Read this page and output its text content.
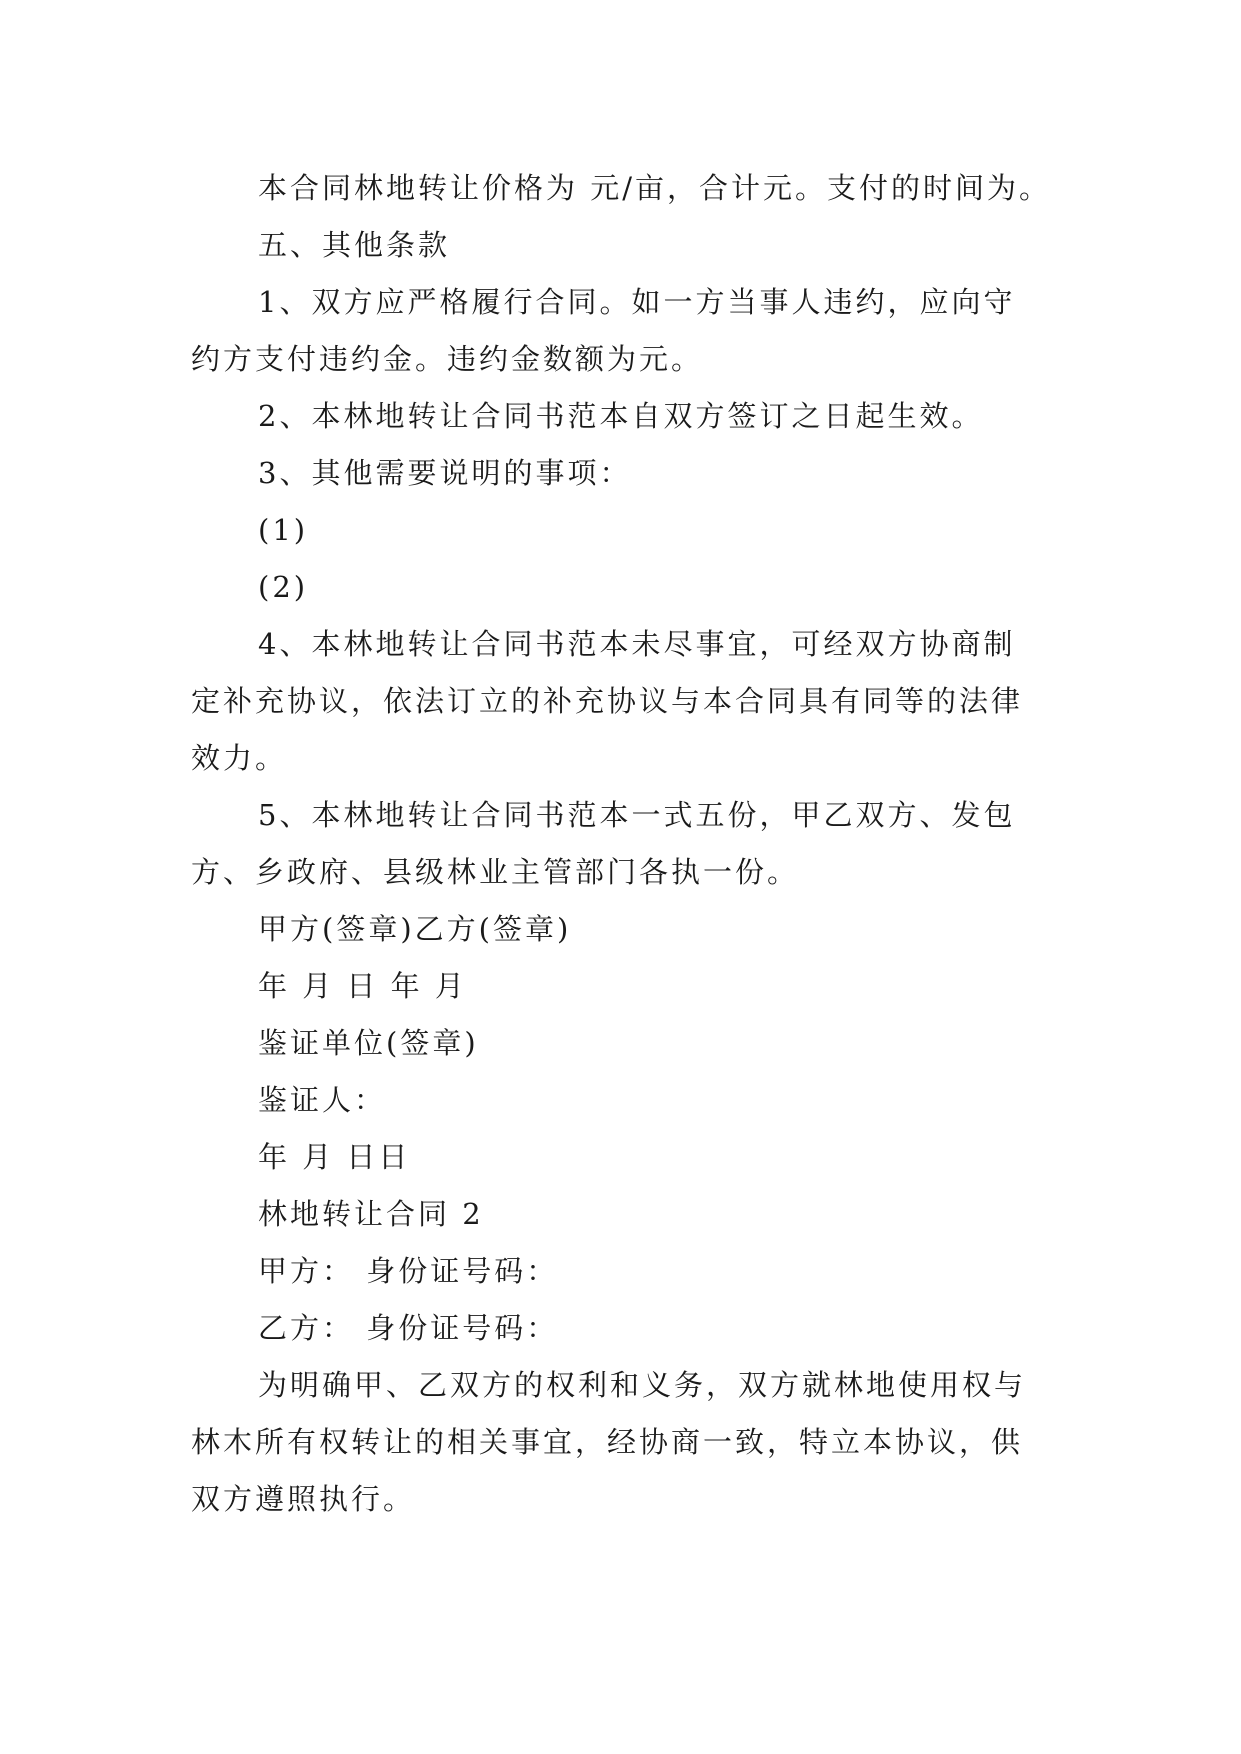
本合同林地转让价格为 元/亩，合计元。支付的时间为。
五、其他条款
1、双方应严格履行合同。如一方当事人违约，应向守
约方支付违约金。违约金数额为元。
2、本林地转让合同书范本自双方签订之日起生效。
3、其他需要说明的事项：
(1)
(2)
4、本林地转让合同书范本未尽事宜，可经双方协商制
定补充协议，依法订立的补充协议与本合同具有同等的法律
效力。
5、本林地转让合同书范本一式五份，甲乙双方、发包
方、乡政府、县级林业主管部门各执一份。
甲方(签章)乙方(签章)
年 月 日 年 月
鉴证单位(签章)
鉴证人：
年 月 日日
林地转让合同 2
甲方： 身份证号码：
乙方： 身份证号码：
为明确甲、乙双方的权利和义务，双方就林地使用权与
林木所有权转让的相关事宜，经协商一致，特立本协议，供
双方遵照执行。
